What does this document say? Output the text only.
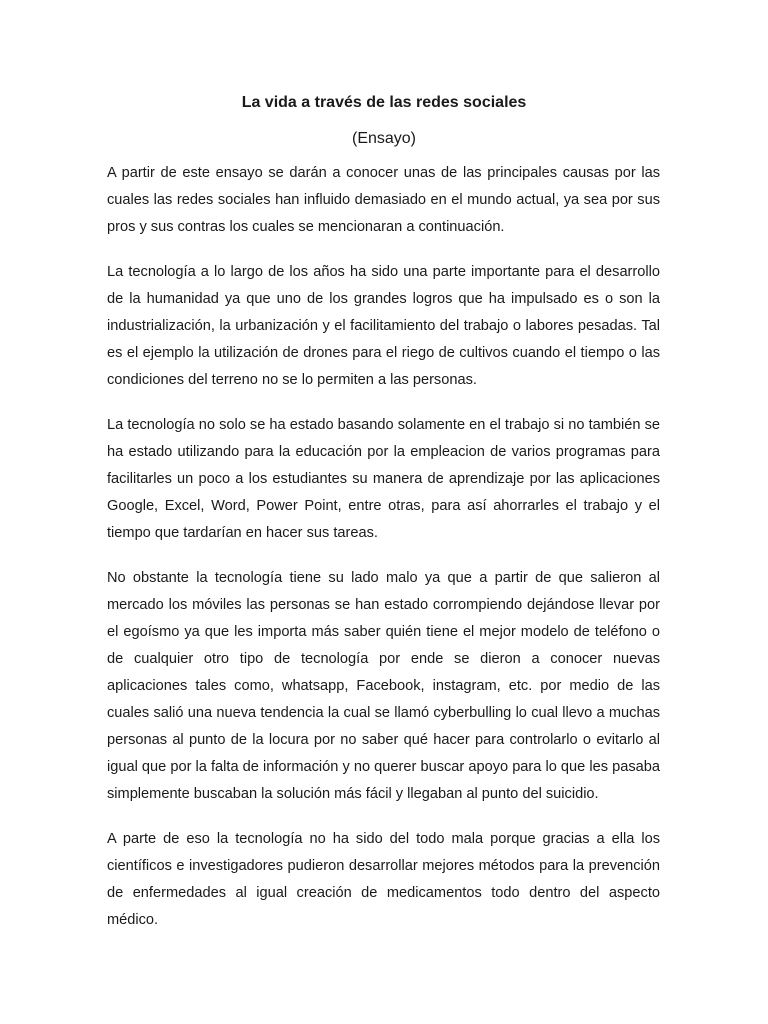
La vida a través de las redes sociales

(Ensayo)

A partir de este ensayo se darán a conocer unas de las principales causas por las cuales las redes sociales han influido demasiado en el mundo actual, ya sea por sus pros y sus contras los cuales se mencionaran a continuación.

La tecnología a lo largo de los años ha sido una parte importante para el desarrollo de la humanidad ya que uno de los grandes logros que ha impulsado es o son la industrialización, la urbanización y el facilitamiento del trabajo o labores pesadas. Tal es el ejemplo la utilización de drones para el riego de cultivos cuando el tiempo o las condiciones del terreno no se lo permiten a las personas.

La tecnología no solo se ha estado basando solamente en el trabajo si no también se ha estado utilizando para la educación por la empleacion de varios programas para facilitarles un poco a los estudiantes su manera de aprendizaje por las aplicaciones Google, Excel, Word, Power Point, entre otras, para así ahorrarles el trabajo y el tiempo que tardarían en hacer sus tareas.

No obstante la tecnología tiene su lado malo ya que a partir de que salieron al mercado los móviles las personas se han estado corrompiendo dejándose llevar por el egoísmo ya que les importa más saber quién tiene el mejor modelo de teléfono o de cualquier otro tipo de tecnología por ende se dieron a conocer nuevas aplicaciones tales como, whatsapp, Facebook, instagram, etc. por medio de las cuales salió una nueva tendencia la cual se llamó cyberbulling lo cual llevo a muchas personas al punto de la locura por no saber qué hacer para controlarlo o evitarlo al igual que por la falta de información y no querer buscar apoyo para lo que les pasaba simplemente buscaban la solución más fácil y llegaban al punto del suicidio.

A parte de eso la tecnología no ha sido del todo mala porque gracias a ella los científicos e investigadores pudieron desarrollar mejores métodos para la prevención de enfermedades al igual creación de medicamentos todo dentro del aspecto médico.
